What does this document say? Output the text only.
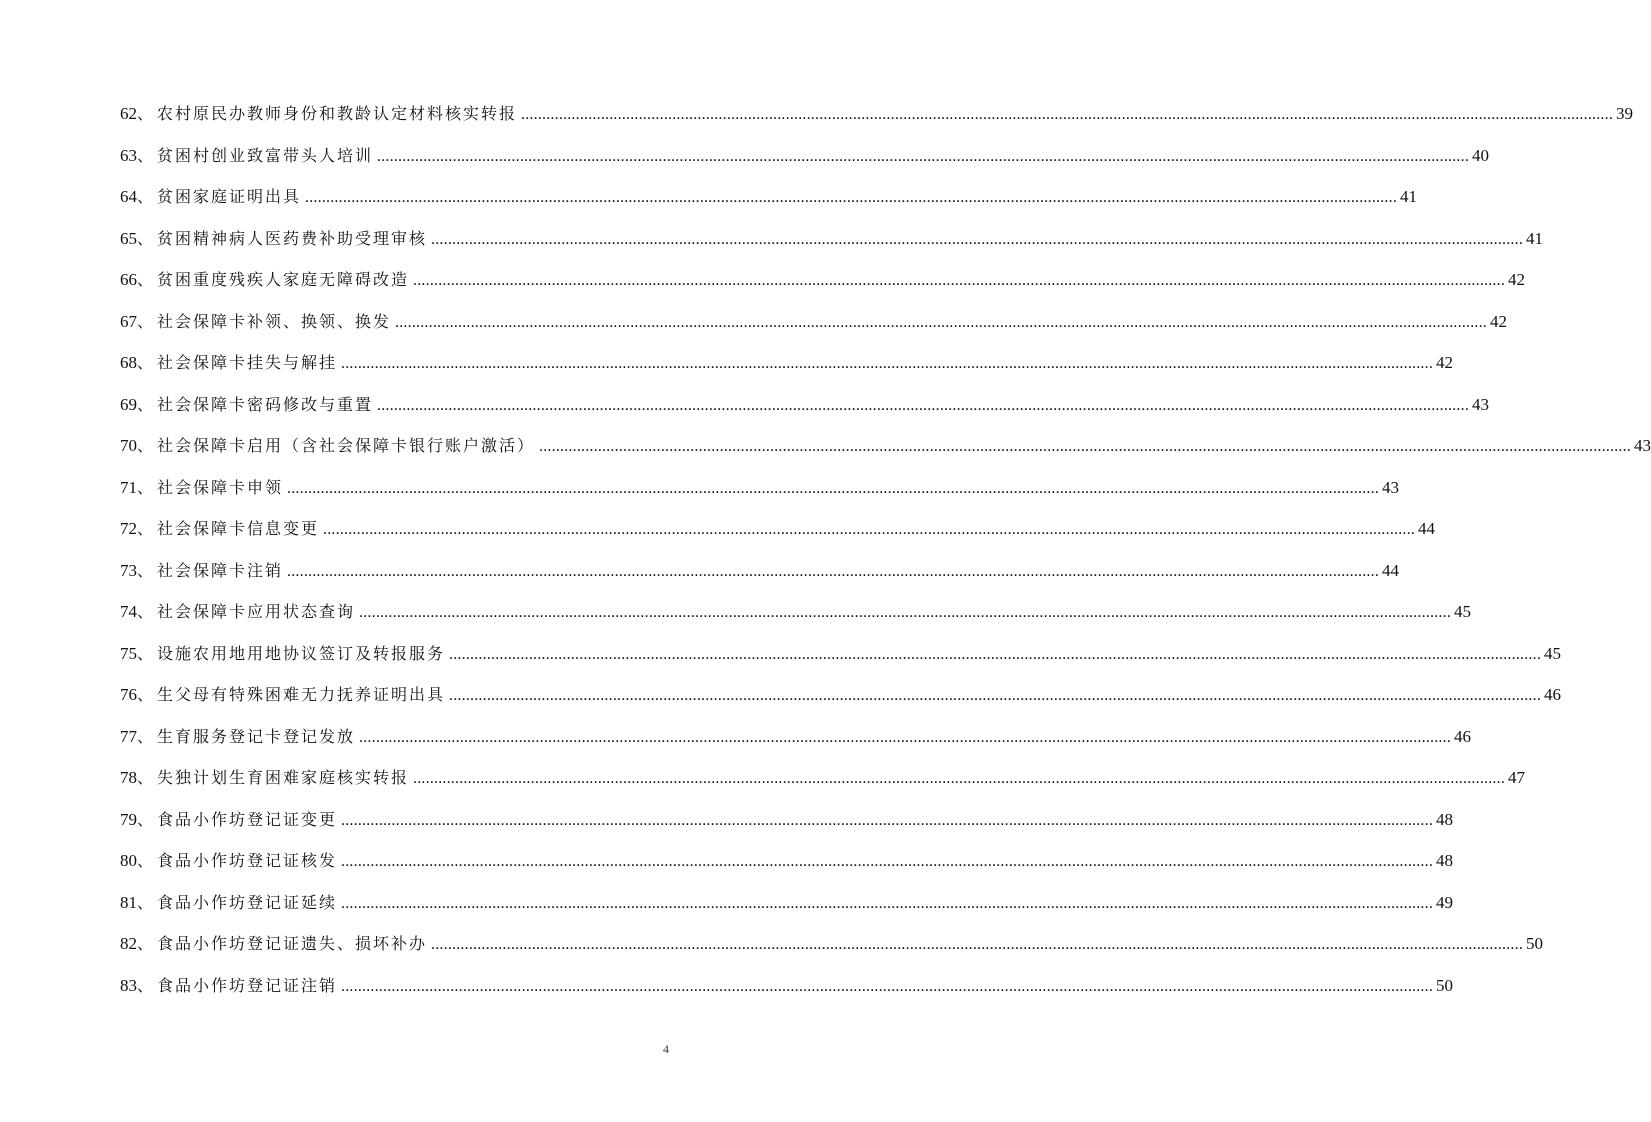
62 、 农村原民办教师身份和教龄认定材料核实转报 .................................................................................................................................................................................................................................................................... 39
63 、 贫困村创业致富带头人培训 .................................................................................................................................................................................................................................................................... 40
64 、 贫困家庭证明出具 .................................................................................................................................................................................................................................................................... 41
65 、 贫困精神病人医药费补助受理审核 .................................................................................................................................................................................................................................................................... 41
66 、 贫困重度残疾人家庭无障碍改造 .................................................................................................................................................................................................................................................................... 42
67 、 社会保障卡补领、换领、换发 .................................................................................................................................................................................................................................................................... 42
68 、 社会保障卡挂失与解挂 .................................................................................................................................................................................................................................................................... 42
69 、 社会保障卡密码修改与重置 .................................................................................................................................................................................................................................................................... 43
70 、 社会保障卡启用（含社会保障卡银行账户激活） .................................................................................................................................................................................................................................................................... 43
71 、 社会保障卡申领 .................................................................................................................................................................................................................................................................... 43
72 、 社会保障卡信息变更 .................................................................................................................................................................................................................................................................... 44
73 、 社会保障卡注销 .................................................................................................................................................................................................................................................................... 44
74 、 社会保障卡应用状态查询 .................................................................................................................................................................................................................................................................... 45
75 、 设施农用地用地协议签订及转报服务 .................................................................................................................................................................................................................................................................... 45
76 、 生父母有特殊困难无力抚养证明出具 .................................................................................................................................................................................................................................................................... 46
77 、 生育服务登记卡登记发放 .................................................................................................................................................................................................................................................................... 46
78 、 失独计划生育困难家庭核实转报 .................................................................................................................................................................................................................................................................... 47
79 、 食品小作坊登记证变更 .................................................................................................................................................................................................................................................................... 48
80 、 食品小作坊登记证核发 .................................................................................................................................................................................................................................................................... 48
81 、 食品小作坊登记证延续 .................................................................................................................................................................................................................................................................... 49
82 、 食品小作坊登记证遗失、损坏补办 .................................................................................................................................................................................................................................................................... 50
83 、 食品小作坊登记证注销 .................................................................................................................................................................................................................................................................... 50
4
